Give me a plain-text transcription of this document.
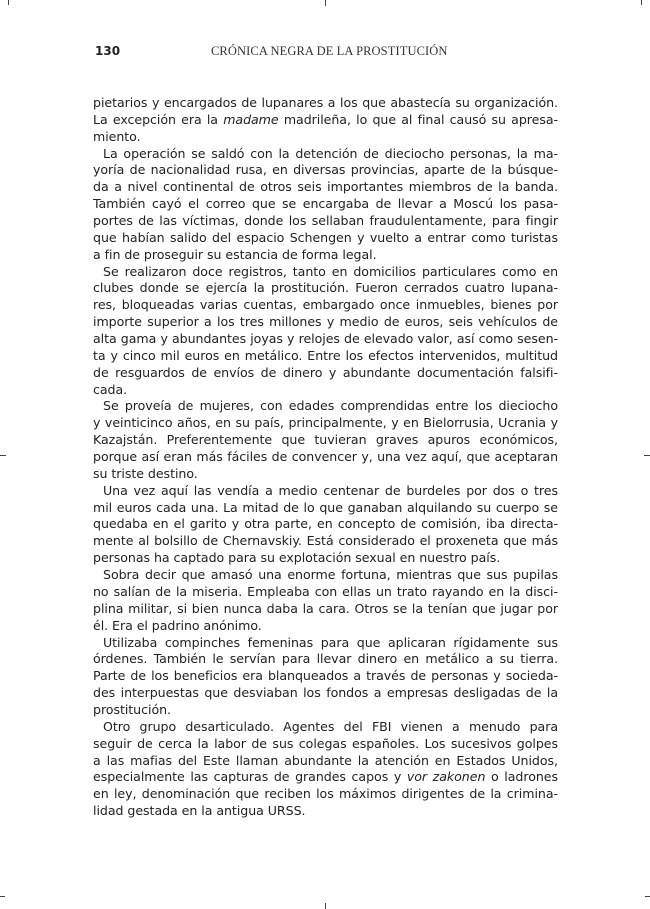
130	CRÓNICA NEGRA DE LA PROSTITUCIÓN
pietarios y encargados de lupanares a los que abastecía su organización.
La excepción era la madame madrileña, lo que al final causó su apresa-
miento.
La operación se saldó con la detención de dieciocho personas, la ma-
yoría de nacionalidad rusa, en diversas provincias, aparte de la búsque-
da a nivel continental de otros seis importantes miembros de la banda.
También cayó el correo que se encargaba de llevar a Moscú los pasa-
portes de las víctimas, donde los sellaban fraudulentamente, para fingir
que habían salido del espacio Schengen y vuelto a entrar como turistas
a fin de proseguir su estancia de forma legal.
Se realizaron doce registros, tanto en domicilios particulares como en
clubes donde se ejercía la prostitución. Fueron cerrados cuatro lupana-
res, bloqueadas varias cuentas, embargado once inmuebles, bienes por
importe superior a los tres millones y medio de euros, seis vehículos de
alta gama y abundantes joyas y relojes de elevado valor, así como sesen-
ta y cinco mil euros en metálico. Entre los efectos intervenidos, multitud
de resguardos de envíos de dinero y abundante documentación falsifi-
cada.
Se proveía de mujeres, con edades comprendidas entre los dieciocho
y veinticinco años, en su país, principalmente, y en Bielorrusia, Ucrania y
Kazajstán. Preferentemente que tuvieran graves apuros económicos,
porque así eran más fáciles de convencer y, una vez aquí, que aceptaran
su triste destino.
Una vez aquí las vendía a medio centenar de burdeles por dos o tres
mil euros cada una. La mitad de lo que ganaban alquilando su cuerpo se
quedaba en el garito y otra parte, en concepto de comisión, iba directa-
mente al bolsillo de Chernavskiy. Está considerado el proxeneta que más
personas ha captado para su explotación sexual en nuestro país.
Sobra decir que amasó una enorme fortuna, mientras que sus pupilas
no salían de la miseria. Empleaba con ellas un trato rayando en la disci-
plina militar, si bien nunca daba la cara. Otros se la tenían que jugar por
él. Era el padrino anónimo.
Utilizaba compinches femeninas para que aplicaran rígidamente sus
órdenes. También le servían para llevar dinero en metálico a su tierra.
Parte de los beneficios era blanqueados a través de personas y socieda-
des interpuestas que desviaban los fondos a empresas desligadas de la
prostitución.
Otro grupo desarticulado. Agentes del FBI vienen a menudo para
seguir de cerca la labor de sus colegas españoles. Los sucesivos golpes
a las mafias del Este llaman abundante la atención en Estados Unidos,
especialmente las capturas de grandes capos y vor zakonen o ladrones
en ley, denominación que reciben los máximos dirigentes de la crimina-
lidad gestada en la antigua URSS.
